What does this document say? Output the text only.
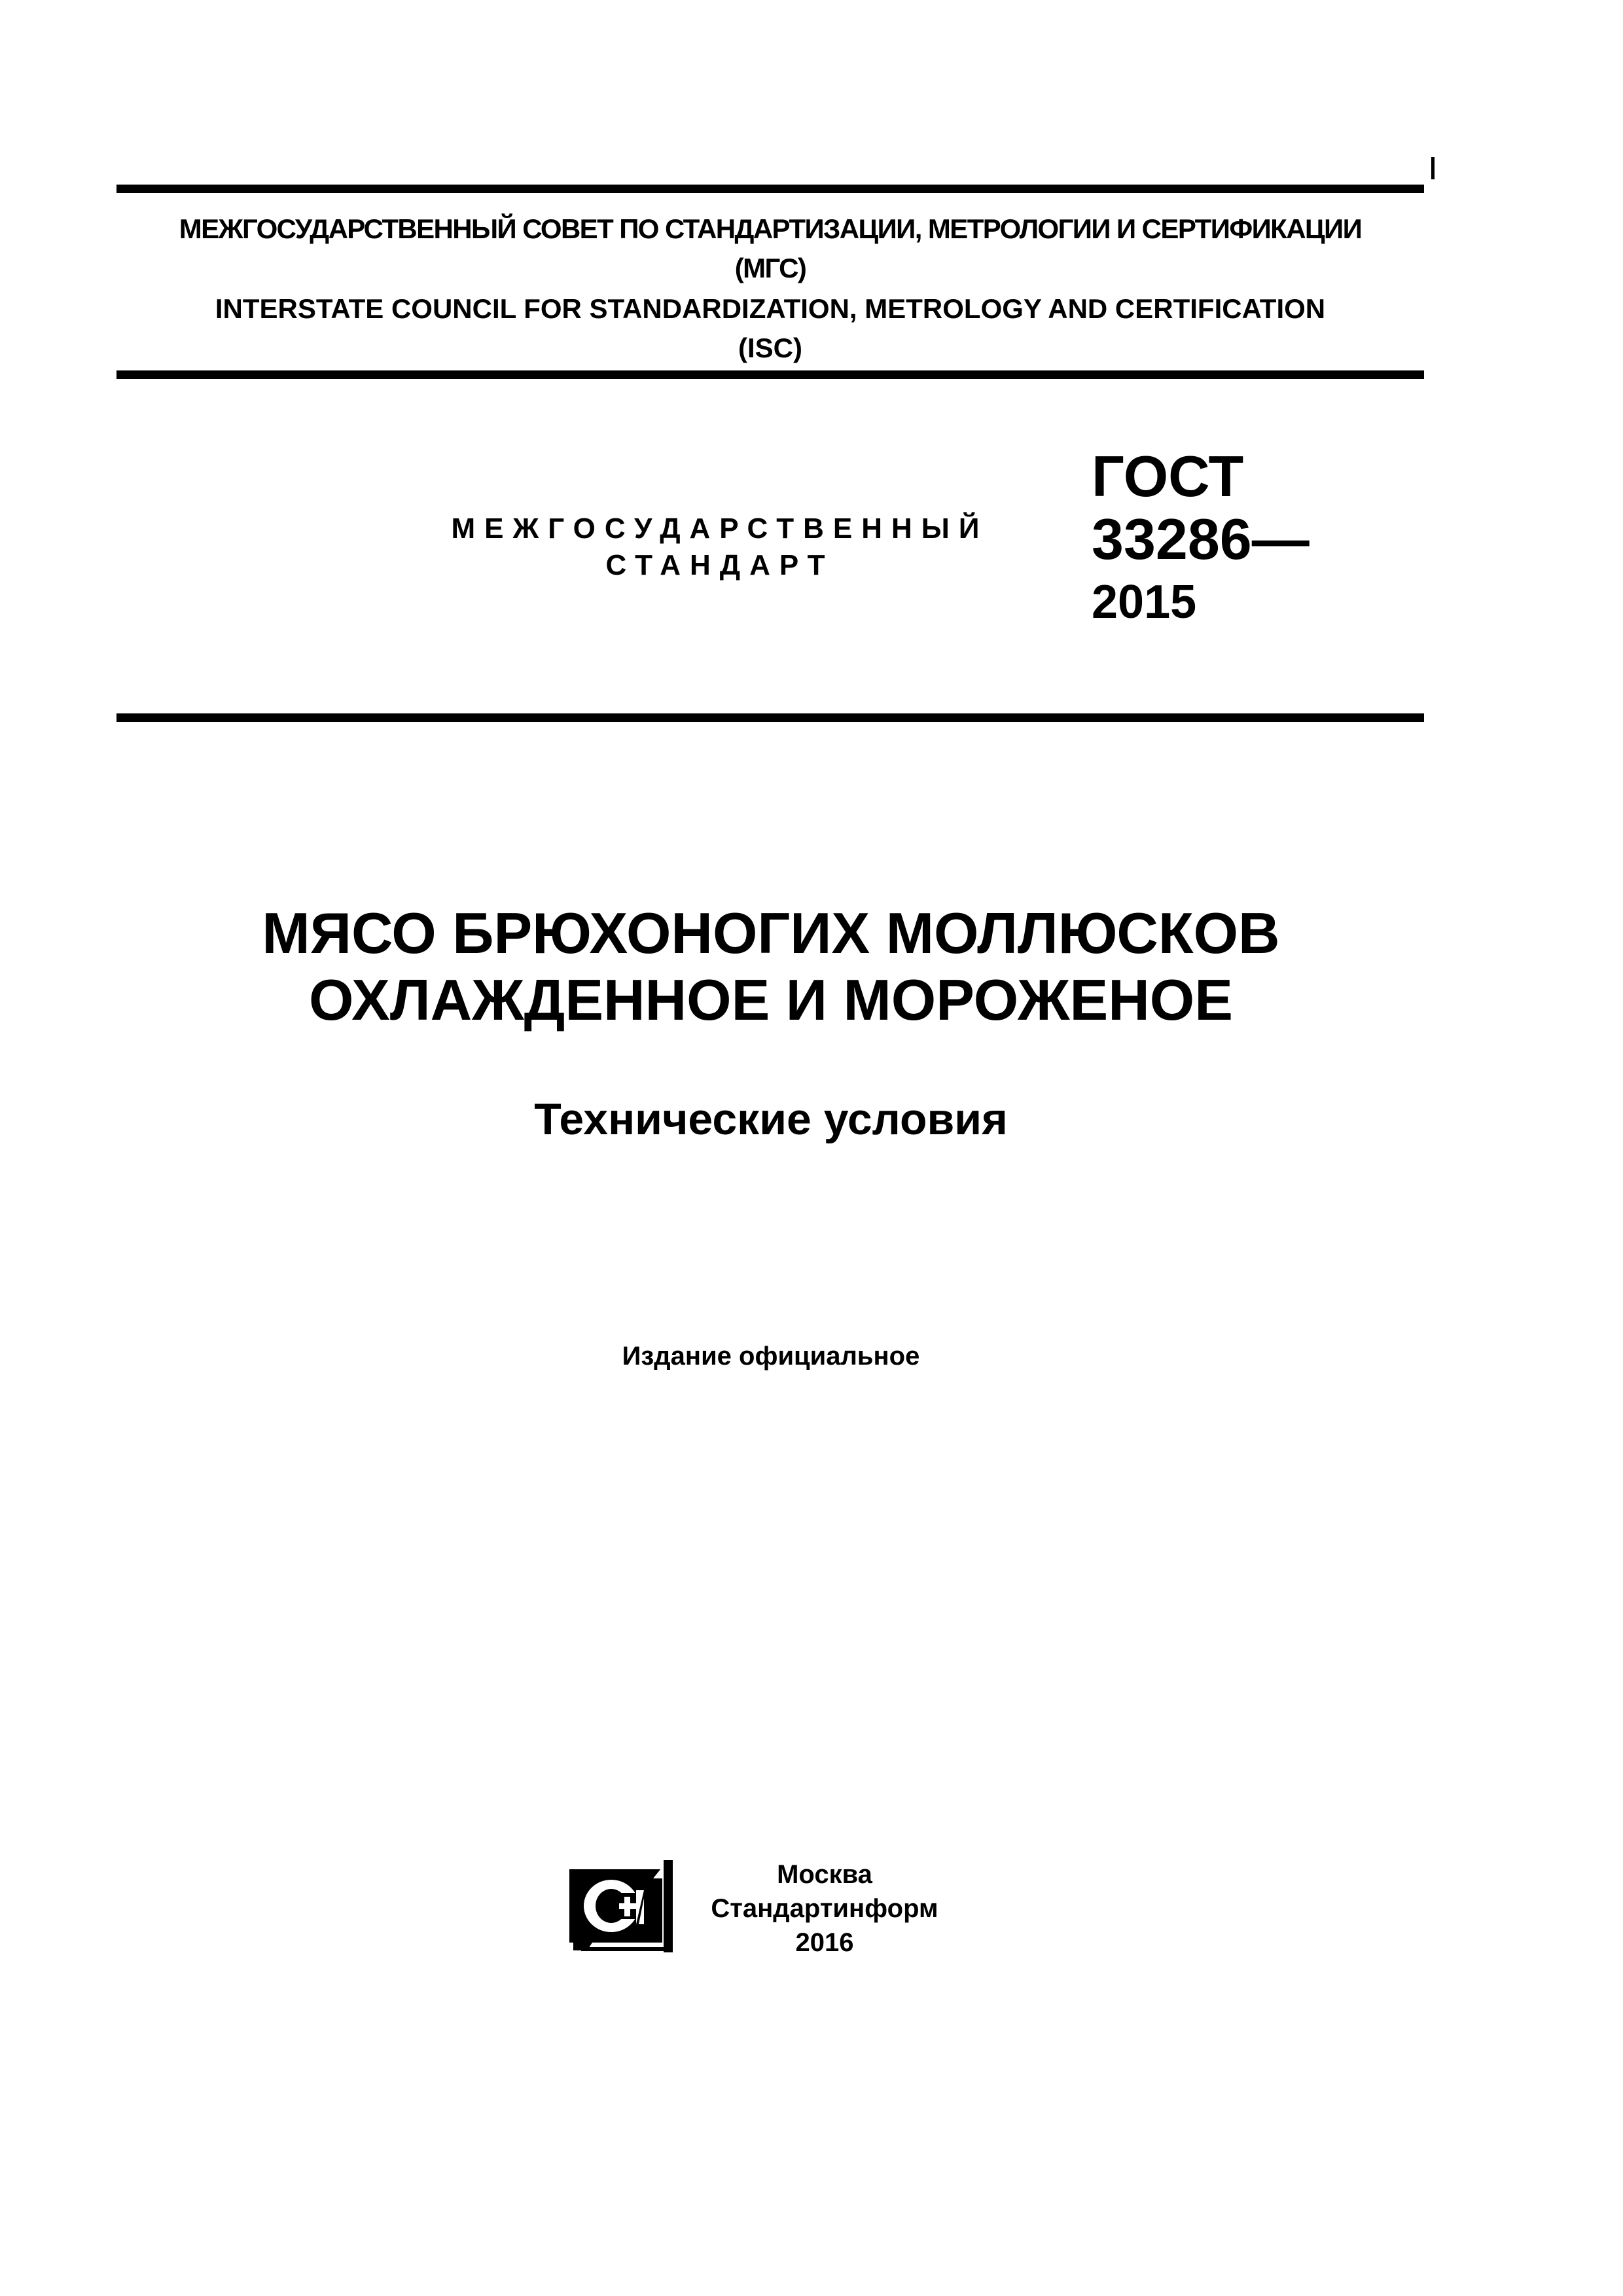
МЕЖГОСУДАРСТВЕННЫЙ СОВЕТ ПО СТАНДАРТИЗАЦИИ, МЕТРОЛОГИИ И СЕРТИФИКАЦИИ
(МГС)
INTERSTATE COUNCIL FOR STANDARDIZATION, METROLOGY AND CERTIFICATION
(ISC)
МЕЖГОСУДАРСТВЕННЫЙ
СТАНДАРТ
ГОСТ
33286—
2015
МЯСО БРЮХОНОГИХ МОЛЛЮСКОВ
ОХЛАЖДЕННОЕ И МОРОЖЕНОЕ
Технические условия
Издание официальное
Москва
Стандартинформ
2016
